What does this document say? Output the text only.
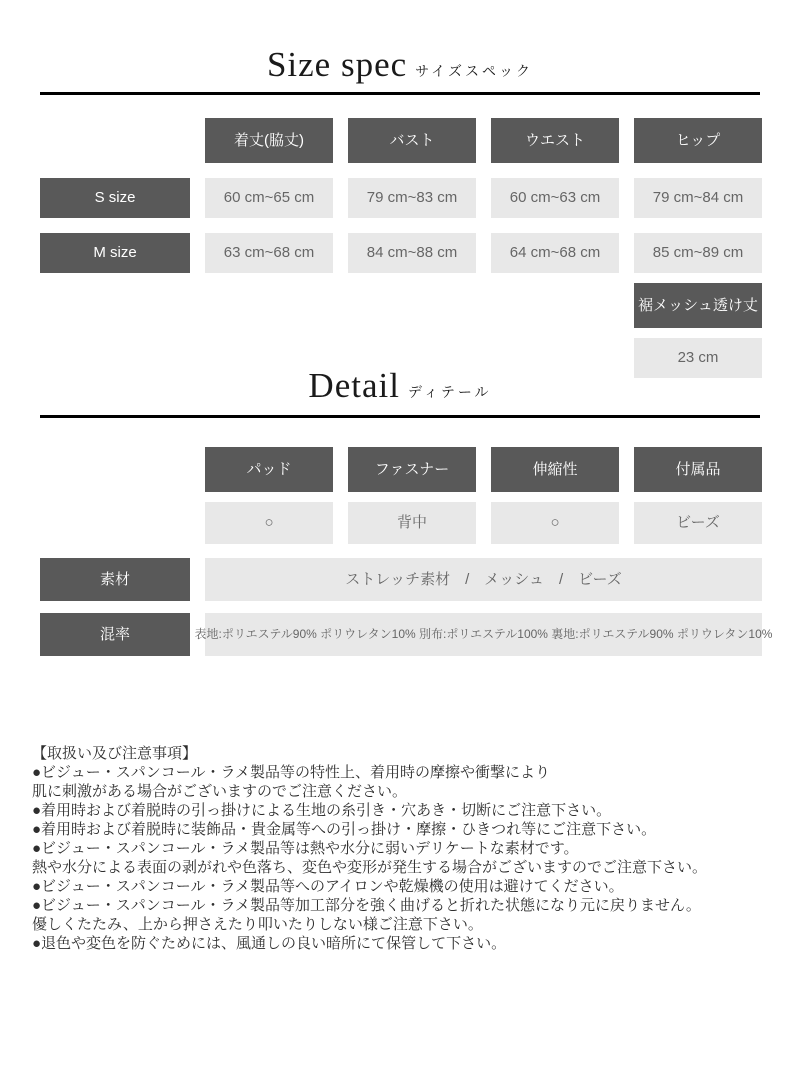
Size spec サイズスペック
着丈(脇丈)	バスト	ウエスト	ヒップ
S size	60 cm~65 cm	79 cm~83 cm	60 cm~63 cm	79 cm~84 cm
M size	63 cm~68 cm	84 cm~88 cm	64 cm~68 cm	85 cm~89 cm
裾メッシュ透け丈
23 cm
Detail ディテール
パッド	ファスナー	伸縮性	付属品
○	背中	○	ビーズ
素材	ストレッチ素材　/　メッシュ　/　ビーズ
混率	表地:ポリエステル90% ポリウレタン10% 別布:ポリエステル100% 裏地:ポリエステル90% ポリウレタン10%
【取扱い及び注意事項】
●ビジュー・スパンコール・ラメ製品等の特性上、着用時の摩擦や衝撃により
肌に刺激がある場合がございますのでご注意ください。
●着用時および着脱時の引っ掛けによる生地の糸引き・穴あき・切断にご注意下さい。
●着用時および着脱時に装飾品・貴金属等への引っ掛け・摩擦・ひきつれ等にご注意下さい。
●ビジュー・スパンコール・ラメ製品等は熱や水分に弱いデリケートな素材です。
熱や水分による表面の剥がれや色落ち、変色や変形が発生する場合がございますのでご注意下さい。
●ビジュー・スパンコール・ラメ製品等へのアイロンや乾燥機の使用は避けてください。
●ビジュー・スパンコール・ラメ製品等加工部分を強く曲げると折れた状態になり元に戻りません。
優しくたたみ、上から押さえたり叩いたりしない様ご注意下さい。
●退色や変色を防ぐためには、風通しの良い暗所にて保管して下さい。
